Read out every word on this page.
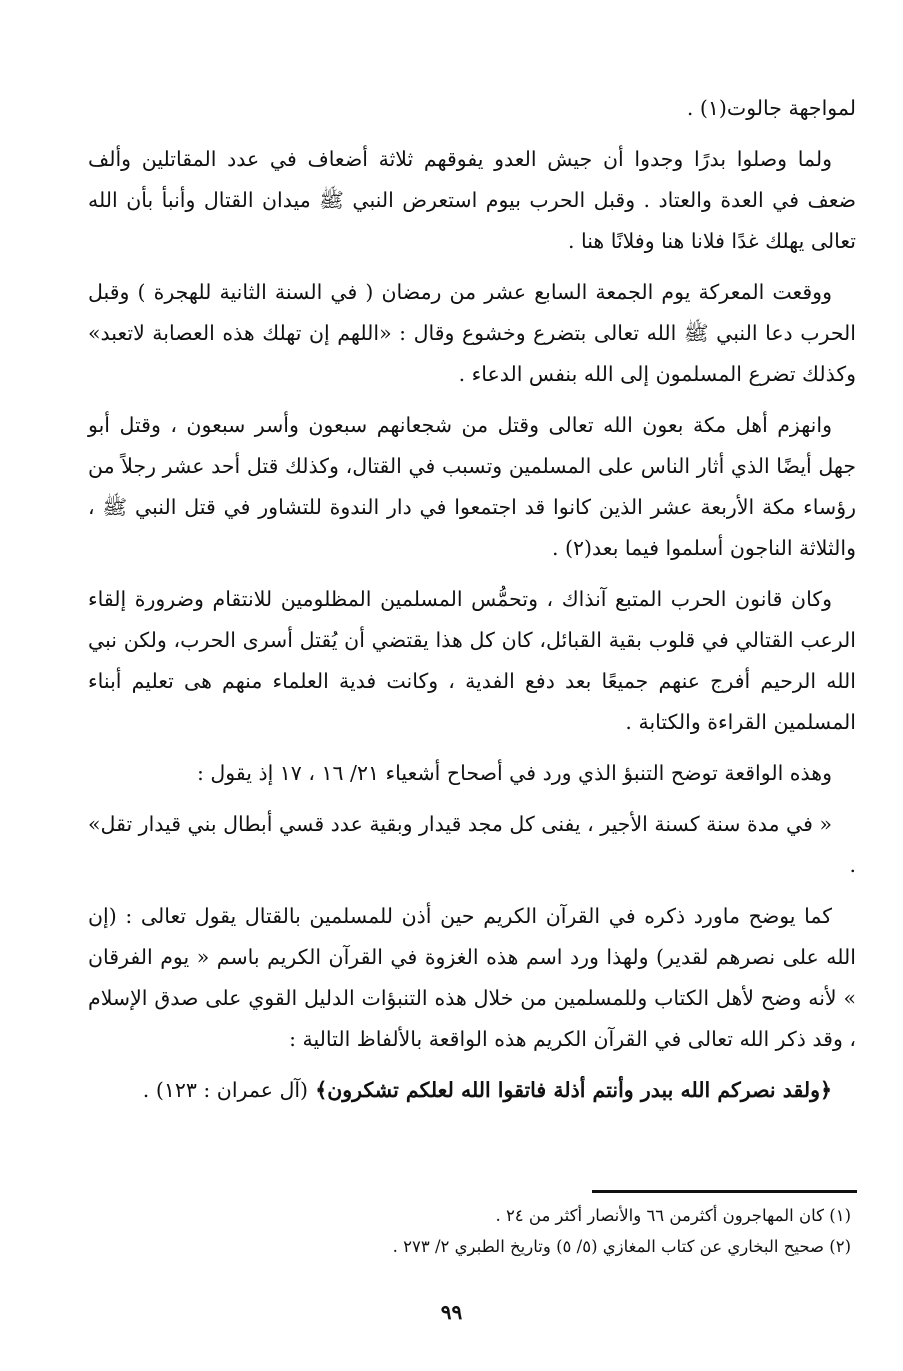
لمواجهة جالوت(١) .

ولما وصلوا بدرًا وجدوا أن جيش العدو يفوقهم ثلاثة أضعاف في عدد المقاتلين وألف ضعف في العدة والعتاد . وقبل الحرب بيوم استعرض النبي ﷺ ميدان القتال وأنبأ بأن الله تعالى يهلك غدًا فلانا هنا وفلانًا هنا .

ووقعت المعركة يوم الجمعة السابع عشر من رمضان ( في السنة الثانية للهجرة ) وقبل الحرب دعا النبي ﷺ الله تعالى بتضرع وخشوع وقال : «اللهم إن تهلك هذه العصابة لاتعبد» وكذلك تضرع المسلمون إلى الله بنفس الدعاء .

وانهزم أهل مكة بعون الله تعالى وقتل من شجعانهم سبعون وأسر سبعون ، وقتل أبو جهل أيضًا الذي أثار الناس على المسلمين وتسبب في القتال، وكذلك قتل أحد عشر رجلاً من رؤساء مكة الأربعة عشر الذين كانوا قد اجتمعوا في دار الندوة للتشاور في قتل النبي ﷺ ، والثلاثة الناجون أسلموا فيما بعد(٢) .

وكان قانون الحرب المتبع آنذاك ، وتحمُّس المسلمين المظلومين للانتقام وضرورة إلقاء الرعب القتالي في قلوب بقية القبائل، كان كل هذا يقتضي أن يُقتل أسرى الحرب، ولكن نبي الله الرحيم أفرج عنهم جميعًا بعد دفع الفدية ، وكانت فدية العلماء منهم هى تعليم أبناء المسلمين القراءة والكتابة .

وهذه الواقعة توضح التنبؤ الذي ورد في أصحاح أشعياء ٢١/ ١٦ ، ١٧ إذ يقول :

« في مدة سنة كسنة الأجير ، يفنى كل مجد قيدار وبقية عدد قسي أبطال بني قيدار تقل» .

كما يوضح ماورد ذكره في القرآن الكريم حين أذن للمسلمين بالقتال يقول تعالى : (إن الله على نصرهم لقدير) ولهذا ورد اسم هذه الغزوة في القرآن الكريم باسم « يوم الفرقان » لأنه وضح لأهل الكتاب وللمسلمين من خلال هذه التنبؤات الدليل القوي على صدق الإسلام ، وقد ذكر الله تعالى في القرآن الكريم هذه الواقعة بالألفاظ التالية :

﴿ولقد نصركم الله ببدر وأنتم أذلة فاتقوا الله لعلكم تشكرون﴾ (آل عمران : ١٢٣) .

(١) كان المهاجرون أكثرمن ٦٦ والأنصار أكثر من ٢٤ .

(٢) صحيح البخاري عن كتاب المغازي (٥/ ٥) وتاريخ الطبري ٢/ ٢٧٣ .

٩٩
